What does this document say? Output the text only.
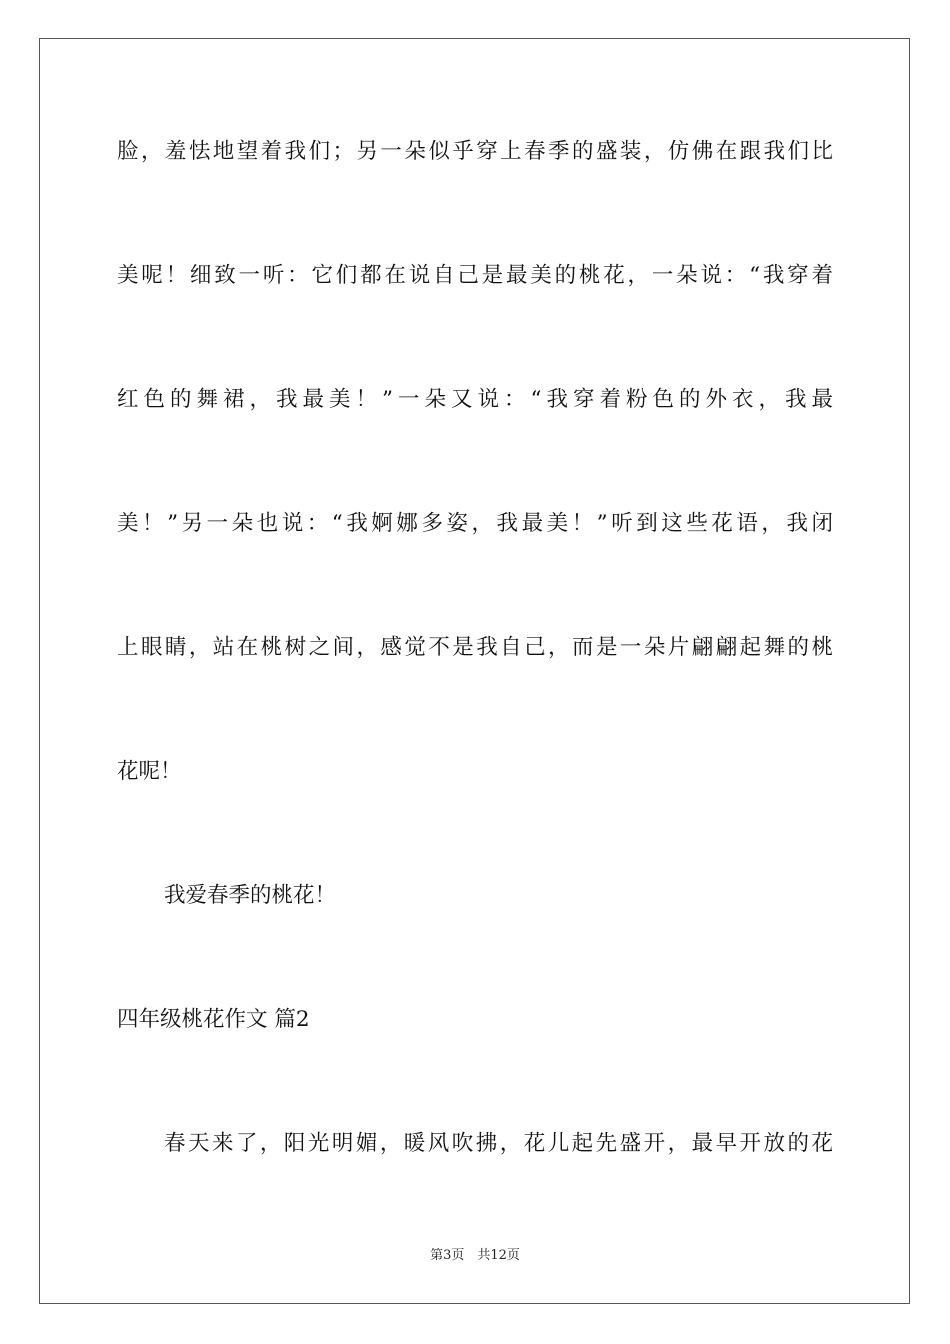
脸，羞怯地望着我们；另一朵似乎穿上春季的盛装，仿佛在跟我们比
美呢！细致一听：它们都在说自己是最美的桃花，一朵说：“我穿着
红色的舞裙，我最美！”一朵又说：“我穿着粉色的外衣，我最
美！”另一朵也说：“我婀娜多姿，我最美！”听到这些花语，我闭
上眼睛，站在桃树之间，感觉不是我自己，而是一朵片翩翩起舞的桃
花呢！
我爱春季的桃花！
四年级桃花作文 篇2
春天来了，阳光明媚，暖风吹拂，花儿起先盛开，最早开放的花
第3页　共12页
